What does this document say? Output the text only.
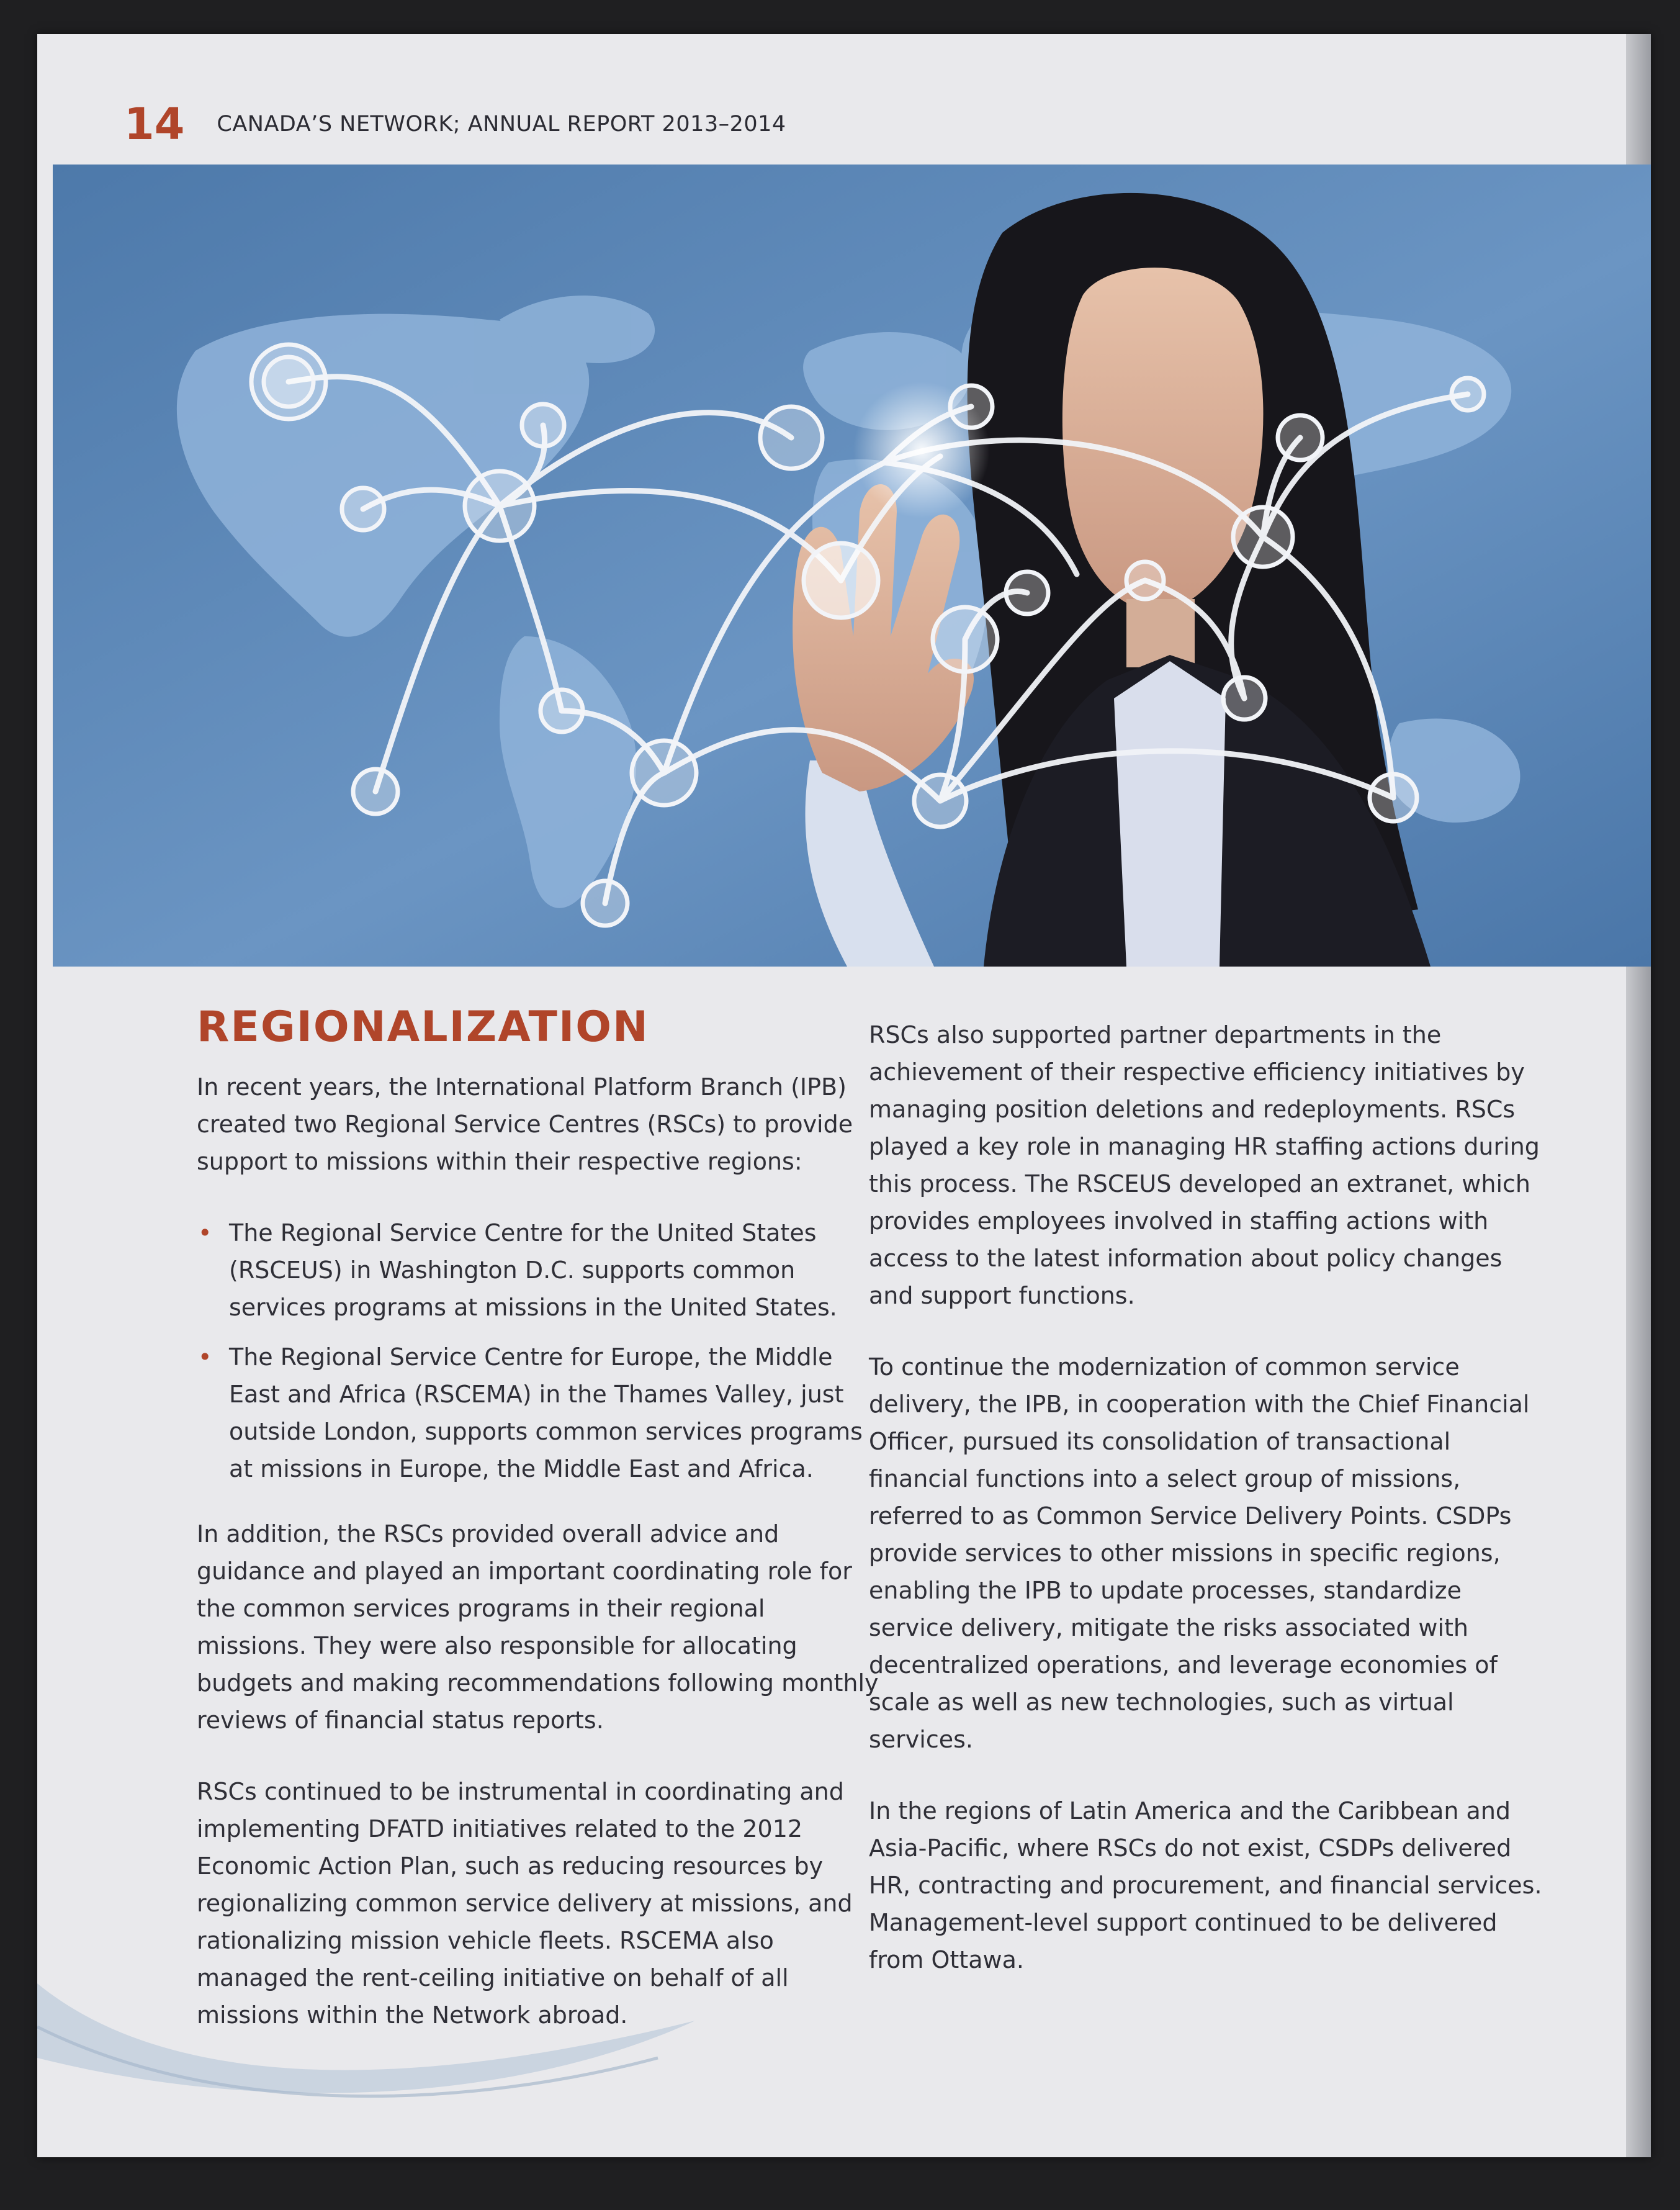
14 CANADA’S NETWORK; ANNUAL REPORT 2013–2014
REGIONALIZATION

In recent years, the International Platform Branch (IPB) created two Regional Service Centres (RSCs) to provide support to missions within their respective regions:

• The Regional Service Centre for the United States (RSCEUS) in Washington D.C. supports common services programs at missions in the United States.
• The Regional Service Centre for Europe, the Middle East and Africa (RSCEMA) in the Thames Valley, just outside London, supports common services programs at missions in Europe, the Middle East and Africa.

In addition, the RSCs provided overall advice and guidance and played an important coordinating role for the common services programs in their regional missions. They were also responsible for allocating budgets and making recommendations following monthly reviews of financial status reports.

RSCs continued to be instrumental in coordinating and implementing DFATD initiatives related to the 2012 Economic Action Plan, such as reducing resources by regionalizing common service delivery at missions, and rationalizing mission vehicle fleets. RSCEMA also managed the rent-ceiling initiative on behalf of all missions within the Network abroad.

RSCs also supported partner departments in the achievement of their respective efficiency initiatives by managing position deletions and redeployments. RSCs played a key role in managing HR staffing actions during this process. The RSCEUS developed an extranet, which provides employees involved in staffing actions with access to the latest information about policy changes and support functions.

To continue the modernization of common service delivery, the IPB, in cooperation with the Chief Financial Officer, pursued its consolidation of transactional financial functions into a select group of missions, referred to as Common Service Delivery Points. CSDPs provide services to other missions in specific regions, enabling the IPB to update processes, standardize service delivery, mitigate the risks associated with decentralized operations, and leverage economies of scale as well as new technologies, such as virtual services.

In the regions of Latin America and the Caribbean and Asia-Pacific, where RSCs do not exist, CSDPs delivered HR, contracting and procurement, and financial services. Management-level support continued to be delivered from Ottawa.
